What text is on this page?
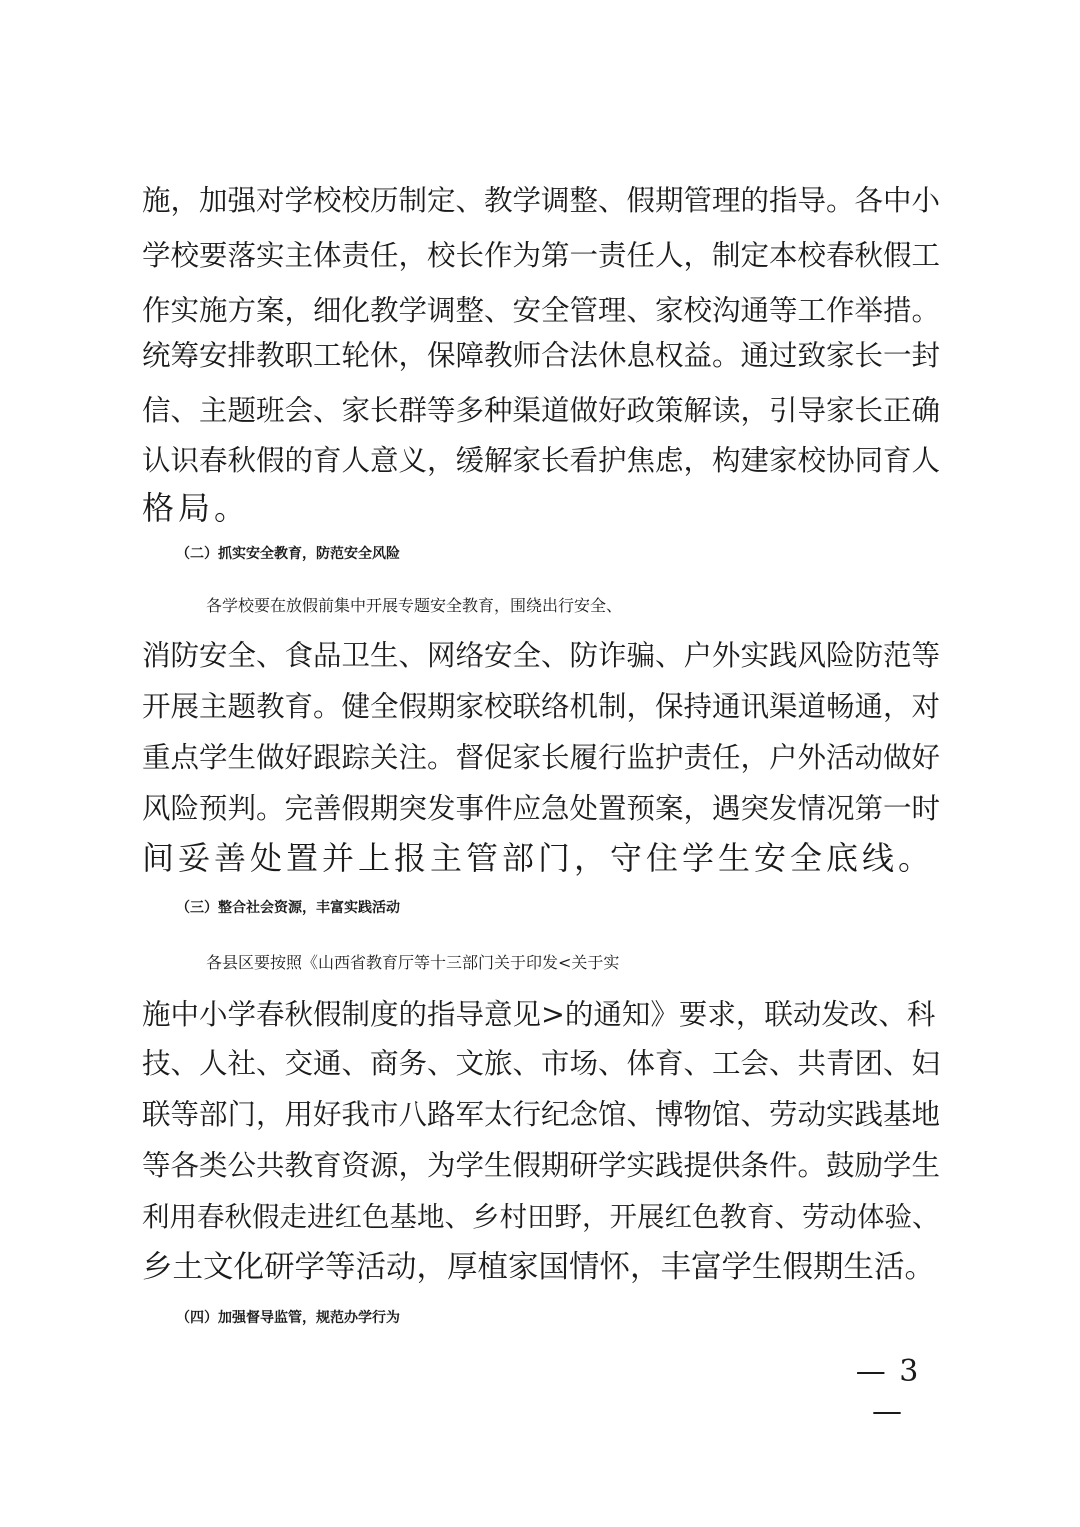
施，加强对学校校历制定、教学调整、假期管理的指导。各中小
学校要落实主体责任，校长作为第一责任人，制定本校春秋假工
作实施方案，细化教学调整、安全管理、家校沟通等工作举措。
统筹安排教职工轮休，保障教师合法休息权益。通过致家长一封
信、主题班会、家长群等多种渠道做好政策解读，引导家长正确
认识春秋假的育人意义，缓解家长看护焦虑，构建家校协同育人
格局。
（二）抓实安全教育，防范安全风险
各学校要在放假前集中开展专题安全教育，围绕出行安全、
消防安全、食品卫生、网络安全、防诈骗、户外实践风险防范等
开展主题教育。健全假期家校联络机制，保持通讯渠道畅通，对
重点学生做好跟踪关注。督促家长履行监护责任，户外活动做好
风险预判。完善假期突发事件应急处置预案，遇突发情况第一时
间妥善处置并上报主管部门，守住学生安全底线。
（三）整合社会资源，丰富实践活动
各县区要按照《山西省教育厅等十三部门关于印发<关于实
施中小学春秋假制度的指导意见>的通知》要求，联动发改、科
技、人社、交通、商务、文旅、市场、体育、工会、共青团、妇
联等部门，用好我市八路军太行纪念馆、博物馆、劳动实践基地
等各类公共教育资源，为学生假期研学实践提供条件。鼓励学生
利用春秋假走进红色基地、乡村田野，开展红色教育、劳动体验、
乡土文化研学等活动，厚植家国情怀，丰富学生假期生活。
（四）加强督导监管，规范办学行为
— 3 —
